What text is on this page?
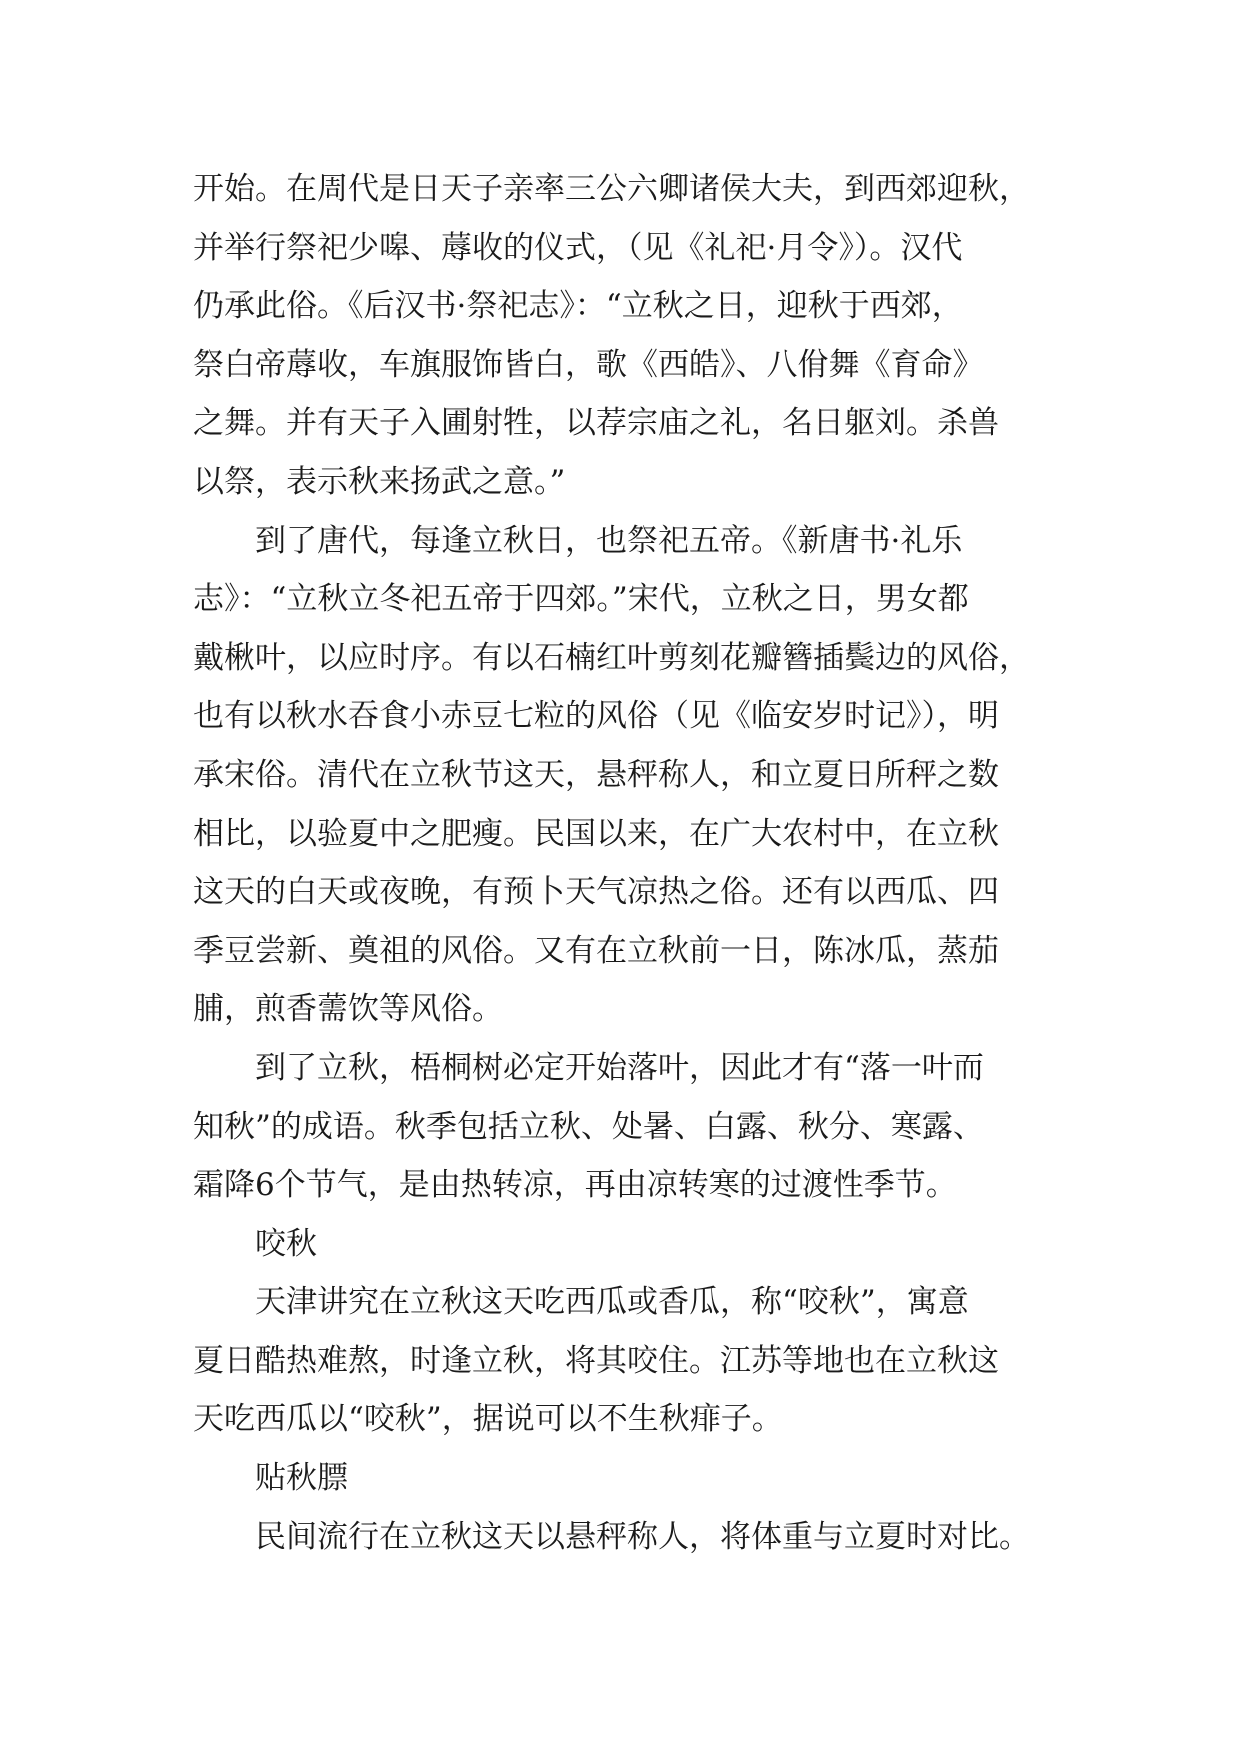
开始。在周代是日天子亲率三公六卿诸侯大夫，到西郊迎秋，
并举行祭祀少嗥、蓐收的仪式，（见《礼祀·月令》）。汉代
仍承此俗。《后汉书·祭祀志》：“立秋之日，迎秋于西郊，
祭白帝蓐收，车旗服饰皆白，歌《西皓》、八佾舞《育命》
之舞。并有天子入圃射牲，以荐宗庙之礼，名日躯刘。杀兽
以祭，表示秋来扬武之意。”
到了唐代，每逢立秋日，也祭祀五帝。《新唐书·礼乐
志》：“立秋立冬祀五帝于四郊。”宋代，立秋之日，男女都
戴楸叶，以应时序。有以石楠红叶剪刻花瓣簪插鬓边的风俗，
也有以秋水吞食小赤豆七粒的风俗（见《临安岁时记》），明
承宋俗。清代在立秋节这天，悬秤称人，和立夏日所秤之数
相比，以验夏中之肥瘦。民国以来，在广大农村中，在立秋
这天的白天或夜晚，有预卜天气凉热之俗。还有以西瓜、四
季豆尝新、奠祖的风俗。又有在立秋前一日，陈冰瓜，蒸茄
脯，煎香薷饮等风俗。
到了立秋，梧桐树必定开始落叶，因此才有“落一叶而
知秋”的成语。秋季包括立秋、处暑、白露、秋分、寒露、
霜降6个节气，是由热转凉，再由凉转寒的过渡性季节。
咬秋
天津讲究在立秋这天吃西瓜或香瓜，称“咬秋”，寓意
夏日酷热难熬，时逢立秋，将其咬住。江苏等地也在立秋这
天吃西瓜以“咬秋”，据说可以不生秋痱子。
贴秋膘
民间流行在立秋这天以悬秤称人，将体重与立夏时对比。
